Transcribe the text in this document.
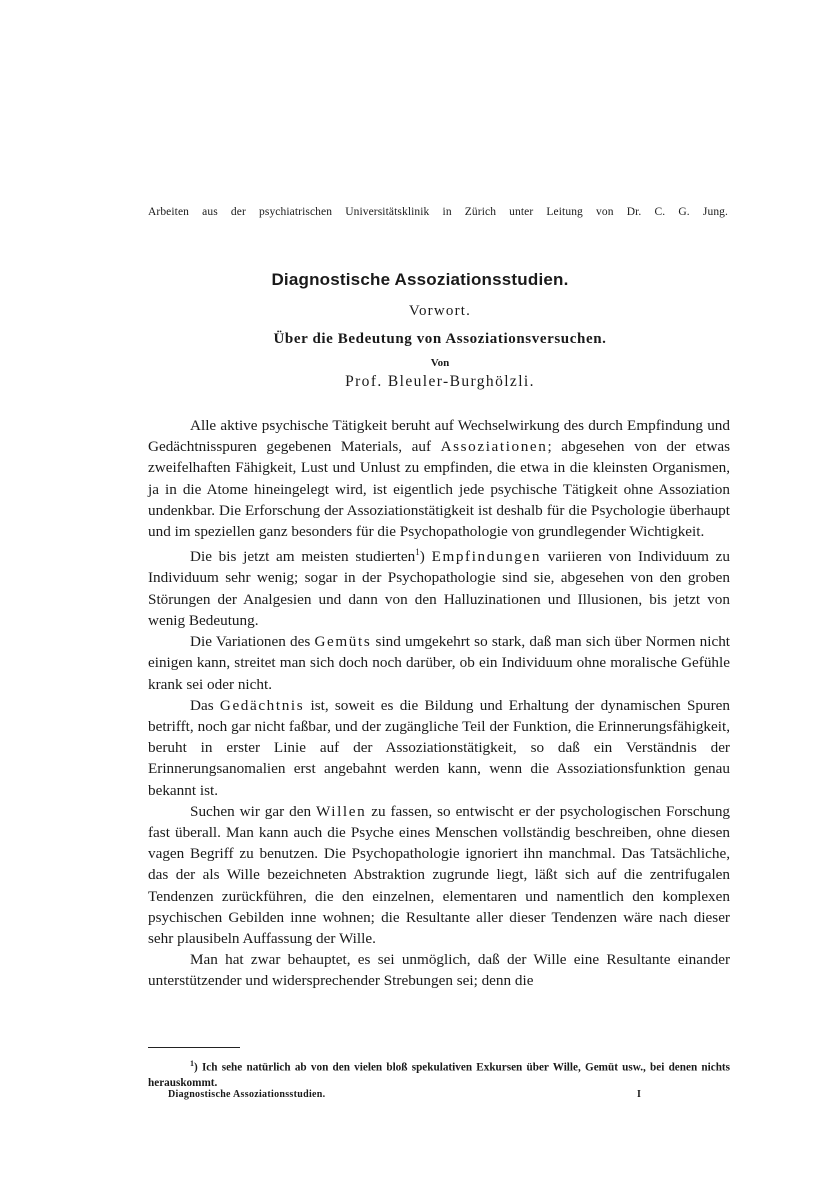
Arbeiten aus der psychiatrischen Universitätsklinik in Zürich unter Leitung von Dr. C. G. Jung.
Diagnostische Assoziationsstudien.
Vorwort.
Über die Bedeutung von Assoziationsversuchen.
Von
Prof. Bleuler-Burghölzli.

Alle aktive psychische Tätigkeit beruht auf Wechselwirkung des durch Empfindung und Gedächtnisspuren gegebenen Materials, auf Assoziationen; abgesehen von der etwas zweifelhaften Fähigkeit, Lust und Unlust zu empfinden, die etwa in die kleinsten Organismen, ja in die Atome hineingelegt wird, ist eigentlich jede psychische Tätigkeit ohne Assoziation undenkbar. Die Erforschung der Assoziationstätigkeit ist deshalb für die Psychologie überhaupt und im speziellen ganz besonders für die Psychopathologie von grundlegender Wichtigkeit.

Die bis jetzt am meisten studierten$^1$) Empfindungen variieren von Individuum zu Individuum sehr wenig; sogar in der Psychopathologie sind sie, abgesehen von den groben Störungen der Analgesien und dann von den Halluzinationen und Illusionen, bis jetzt von wenig Bedeutung.

Die Variationen des Gemüts sind umgekehrt so stark, daß man sich über Normen nicht einigen kann, streitet man sich doch noch darüber, ob ein Individuum ohne moralische Gefühle krank sei oder nicht.

Das Gedächtnis ist, soweit es die Bildung und Erhaltung der dynamischen Spuren betrifft, noch gar nicht faßbar, und der zugängliche Teil der Funktion, die Erinnerungsfähigkeit, beruht in erster Linie auf der Assoziationstätigkeit, so daß ein Verständnis der Erinnerungsanomalien erst angebahnt werden kann, wenn die Assoziationsfunktion genau bekannt ist.

Suchen wir gar den Willen zu fassen, so entwischt er der psychologischen Forschung fast überall. Man kann auch die Psyche eines Menschen vollständig beschreiben, ohne diesen vagen Begriff zu benutzen. Die Psychopathologie ignoriert ihn manchmal. Das Tatsächliche, das der als Wille bezeichneten Abstraktion zugrunde liegt, läßt sich auf die zentrifugalen Tendenzen zurückführen, die den einzelnen, elementaren und namentlich den komplexen psychischen Gebilden inne wohnen; die Resultante aller dieser Tendenzen wäre nach dieser sehr plausibeln Auffassung der Wille.

Man hat zwar behauptet, es sei unmöglich, daß der Wille eine Resultante einander unterstützender und widersprechender Strebungen sei; denn die

$^1$) Ich sehe natürlich ab von den vielen bloß spekulativen Exkursen über Wille, Gemüt usw., bei denen nichts herauskommt.

Diagnostische Assoziationsstudien.	I
